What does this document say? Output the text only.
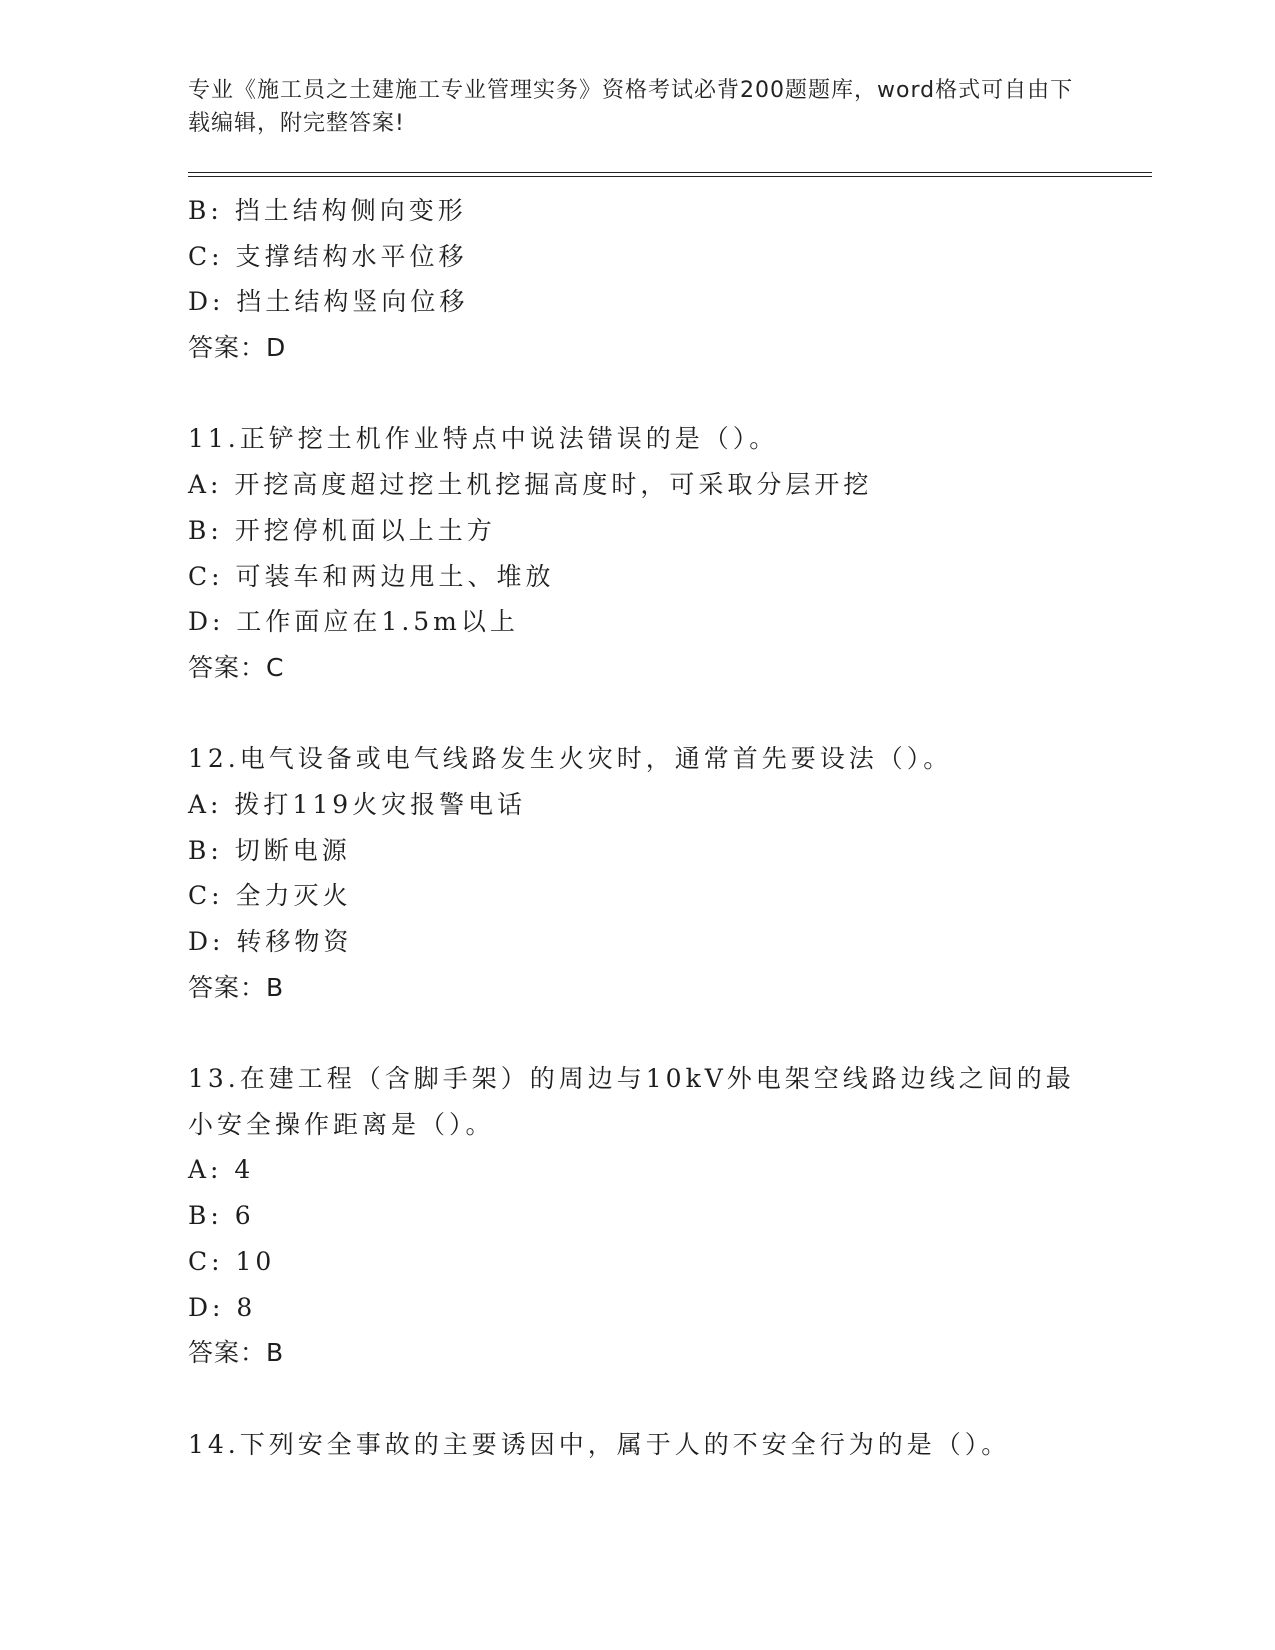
专业《施工员之土建施工专业管理实务》资格考试必背200题题库，word格式可自由下载编辑，附完整答案!
B: 挡土结构侧向变形
C: 支撑结构水平位移
D: 挡土结构竖向位移
答案：D
11.正铲挖土机作业特点中说法错误的是（）。
A: 开挖高度超过挖土机挖掘高度时，可采取分层开挖
B: 开挖停机面以上土方
C: 可装车和两边甩土、堆放
D: 工作面应在1.5m以上
答案：C
12.电气设备或电气线路发生火灾时，通常首先要设法（）。
A: 拨打119火灾报警电话
B: 切断电源
C: 全力灭火
D: 转移物资
答案：B
13.在建工程（含脚手架）的周边与10kV外电架空线路边线之间的最
小安全操作距离是（）。
A: 4
B: 6
C: 10
D: 8
答案：B
14.下列安全事故的主要诱因中，属于人的不安全行为的是（）。
